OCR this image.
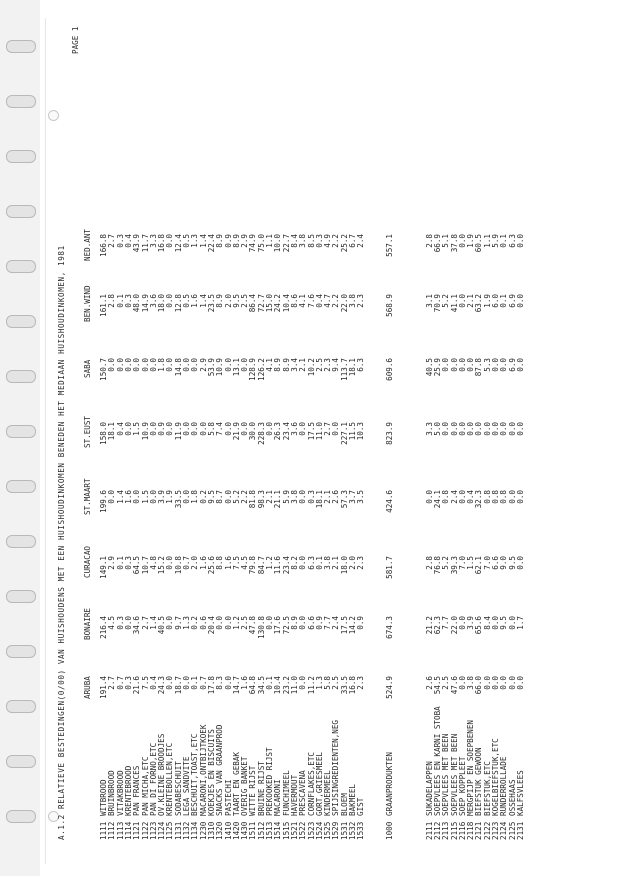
A.1.2 RELATIEVE BESTEDINGEN(0/00) VAN HUISHOUDENS MET EEN HUISHOUDINKOMEN BENEDEN HET MEDIAAN HUISHOUDINKOMEN, 1981
PAGE 1
ARUBA
BONAIRE
CURACAO
ST.MAART
ST.EUST
SABA
BEN.WIND
NED.ANT
1111
WITBROOD
191.4
216.4
149.1
199.6
158.0
150.7
161.1
166.8
1112
BRUINBROOD
2.7
4.5
2.9
0.0
18.1
0.0
2.8
2.7
1113
VITAKBROOD
0.7
0.3
0.1
1.4
0.4
0.0
0.1
0.3
1114
KRENTEBROOD
0.3
0.0
0.3
1.6
0.0
0.0
0.3
0.4
1121
PAN FRANCES
21.6
34.6
64.5
0.0
1.5
0.0
48.0
43.9
1122
PAN MICHA,ETC
7.5
2.7
10.7
1.5
10.9
0.0
14.9
11.7
1123
PAN DI FORNO,ETC
0.4
1.4
4.8
0.0
0.0
0.0
3.6
3.3
1124
OV.KLEINE BROODJES
24.3
40.5
15.2
3.9
0.9
1.8
18.0
16.8
1125
KRENTEBOLLEN,ETC
0.0
0.0
0.0
1.9
0.0
0.0
0.0
0.0
1131
SODABESCHUIT
18.7
9.7
10.8
33.5
11.9
14.8
12.8
12.4
1132
LEGA SANDVITE
0.0
1.3
0.7
0.0
0.0
0.0
0.5
0.5
1134
BESCHUIT,TOAST,ETC
0.1
0.2
2.0
1.8
0.0
0.0
1.6
1.3
1230
MACARONI,ONTBIJTKOEK
0.7
0.6
1.6
0.2
0.0
2.9
1.4
1.4
1310
KOEKJES EN BISCUITS
17.8
20.4
25.6
9.5
5.8
53.9
23.5
22.4
1320
SNACKS VAN GRAANPROD
8.3
0.0
8.8
8.7
7.4
10.9
8.9
8.9
1410
PASTECHI
0.0
0.0
1.6
0.0
0.0
0.0
2.0
0.9
1420
TAART EN GEBAK
14.7
1.2
7.5
5.2
21.9
13.1
9.5
8.9
1430
OVERIG BANKET
1.6
2.5
4.5
2.2
0.0
0.0
2.5
2.9
1511
WITTE RIJST
64.8
47.8
79.8
81.8
30.0
128.9
86.4
74.9
1512
BRUINE RIJST
34.5
130.8
84.7
98.3
228.3
126.2
72.7
75.0
1513
PREKOOKED RIJST
0.1
0.0
1.2
2.1
0.0
4.1
15.0
1.1
1514
MACARONI
10.4
17.6
11.6
21.1
26.3
8.9
24.2
10.0
1515
FUNCHIMEEL
23.2
72.5
23.4
5.9
23.4
8.9
10.4
22.7
1521
HAVERMOUT
11.0
8.9
8.2
3.8
3.6
3.4
8.6
8.4
1522
PRESCAVENA
0.0
0.0
0.0
0.0
0.0
2.1
4.1
3.8
1523
CORNFLAKES,ETC
11.2
6.6
6.3
0.3
17.5
10.2
7.6
8.5
1524
GORT,GRIESMEEL
1.3
0.9
0.1
18.1
11.0
2.5
0.4
0.3
1525
KINDERMEEL
5.8
7.7
3.8
2.1
2.7
2.3
4.7
4.9
1529
SPIJSINGREDIENTEN,NEG
2.5
2.4
2.1
2.6
0.0
9.4
2.2
2.2
1531
BLOEM
33.5
17.5
18.0
57.3
227.1
113.7
22.0
25.2
1532
BAKMEEL
16.8
14.2
2.0
3.7
11.5
18.1
3.8
6.7
1533
GIST
2.3
0.9
2.3
3.5
10.3
6.3
2.3
2.4
1000
GRAANPRODUKTEN
524.9
674.3
581.7
424.6
823.9
609.6
568.9
557.1
2111
SUKADELAPPEN
2.6
21.2
2.8
0.0
3.3
40.5
3.1
2.8
2112
SOEPVLEES EN KARNI STOBA
54.5
62.3
76.8
24.1
5.0
25.9
70.9
66.9
2113
SOEPVLEES MET BEEN
2.5
7.7
5.2
0.8
0.0
0.0
5.2
5.1
2115
SOEPVLEES MET BEEN
47.6
22.0
39.3
2.4
0.0
0.0
41.1
37.8
2116
SOEP KOPPLEET
0.0
0.0
7.0
0.0
0.0
0.0
0.0
0.0
2118
MERGPIJP EN SOEPBENEN
3.8
3.9
1.5
0.4
0.0
0.0
2.1
1.9
2121
BIEFSTUK GEWOON
66.0
65.6
62.1
32.3
0.0
87.8
63.2
60.5
2122
BIEFSTUK,ETC
0.0
8.4
7.0
0.8
0.0
5.3
1.9
1.1
2123
KOGELBIEFSTUK,ETC
0.0
0.0
6.6
0.8
0.0
0.0
6.0
5.9
2124
RUNDERROLLADE
0.0
9.5
9.0
0.8
0.0
0.0
0.1
0.1
2125
OSSEHAAS
0.0
0.0
9.5
0.0
0.0
6.9
6.9
6.3
2131
KALFSVLEES
0.0
1.7
0.0
0.0
0.0
0.0
0.0
0.0
